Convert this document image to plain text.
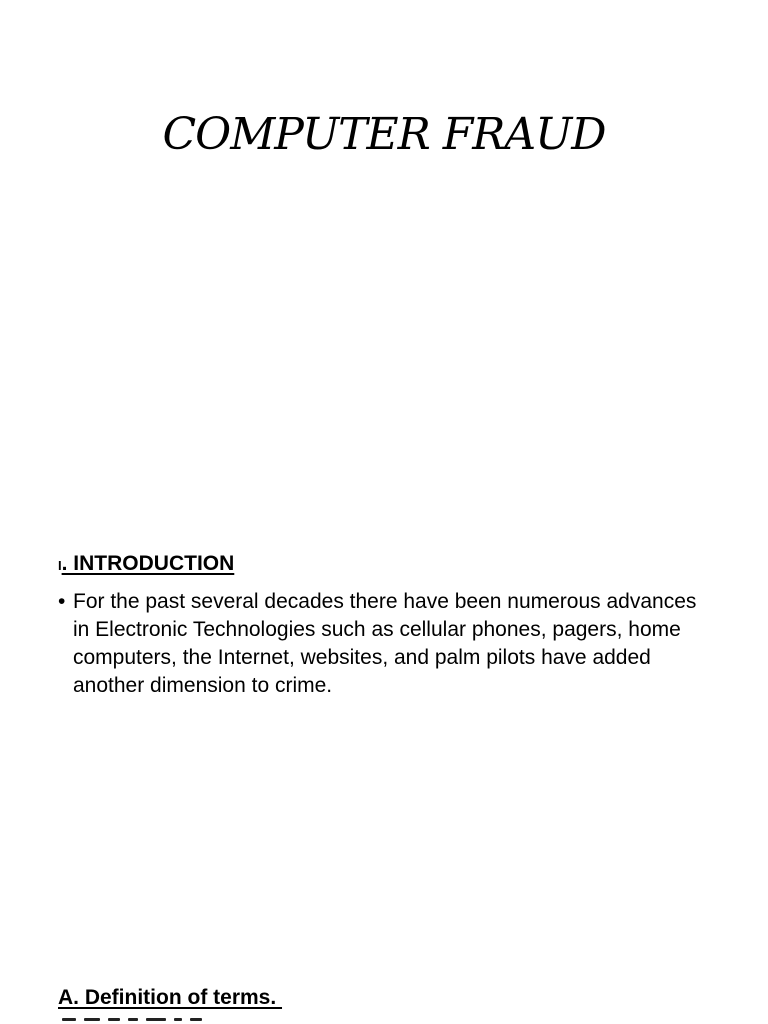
COMPUTER FRAUD
I. INTRODUCTION
• For the past several decades there have been numerous advances in Electronic Technologies such as cellular phones, pagers, home computers, the Internet, websites, and palm pilots have added another dimension to crime.
A. Definition of terms.
